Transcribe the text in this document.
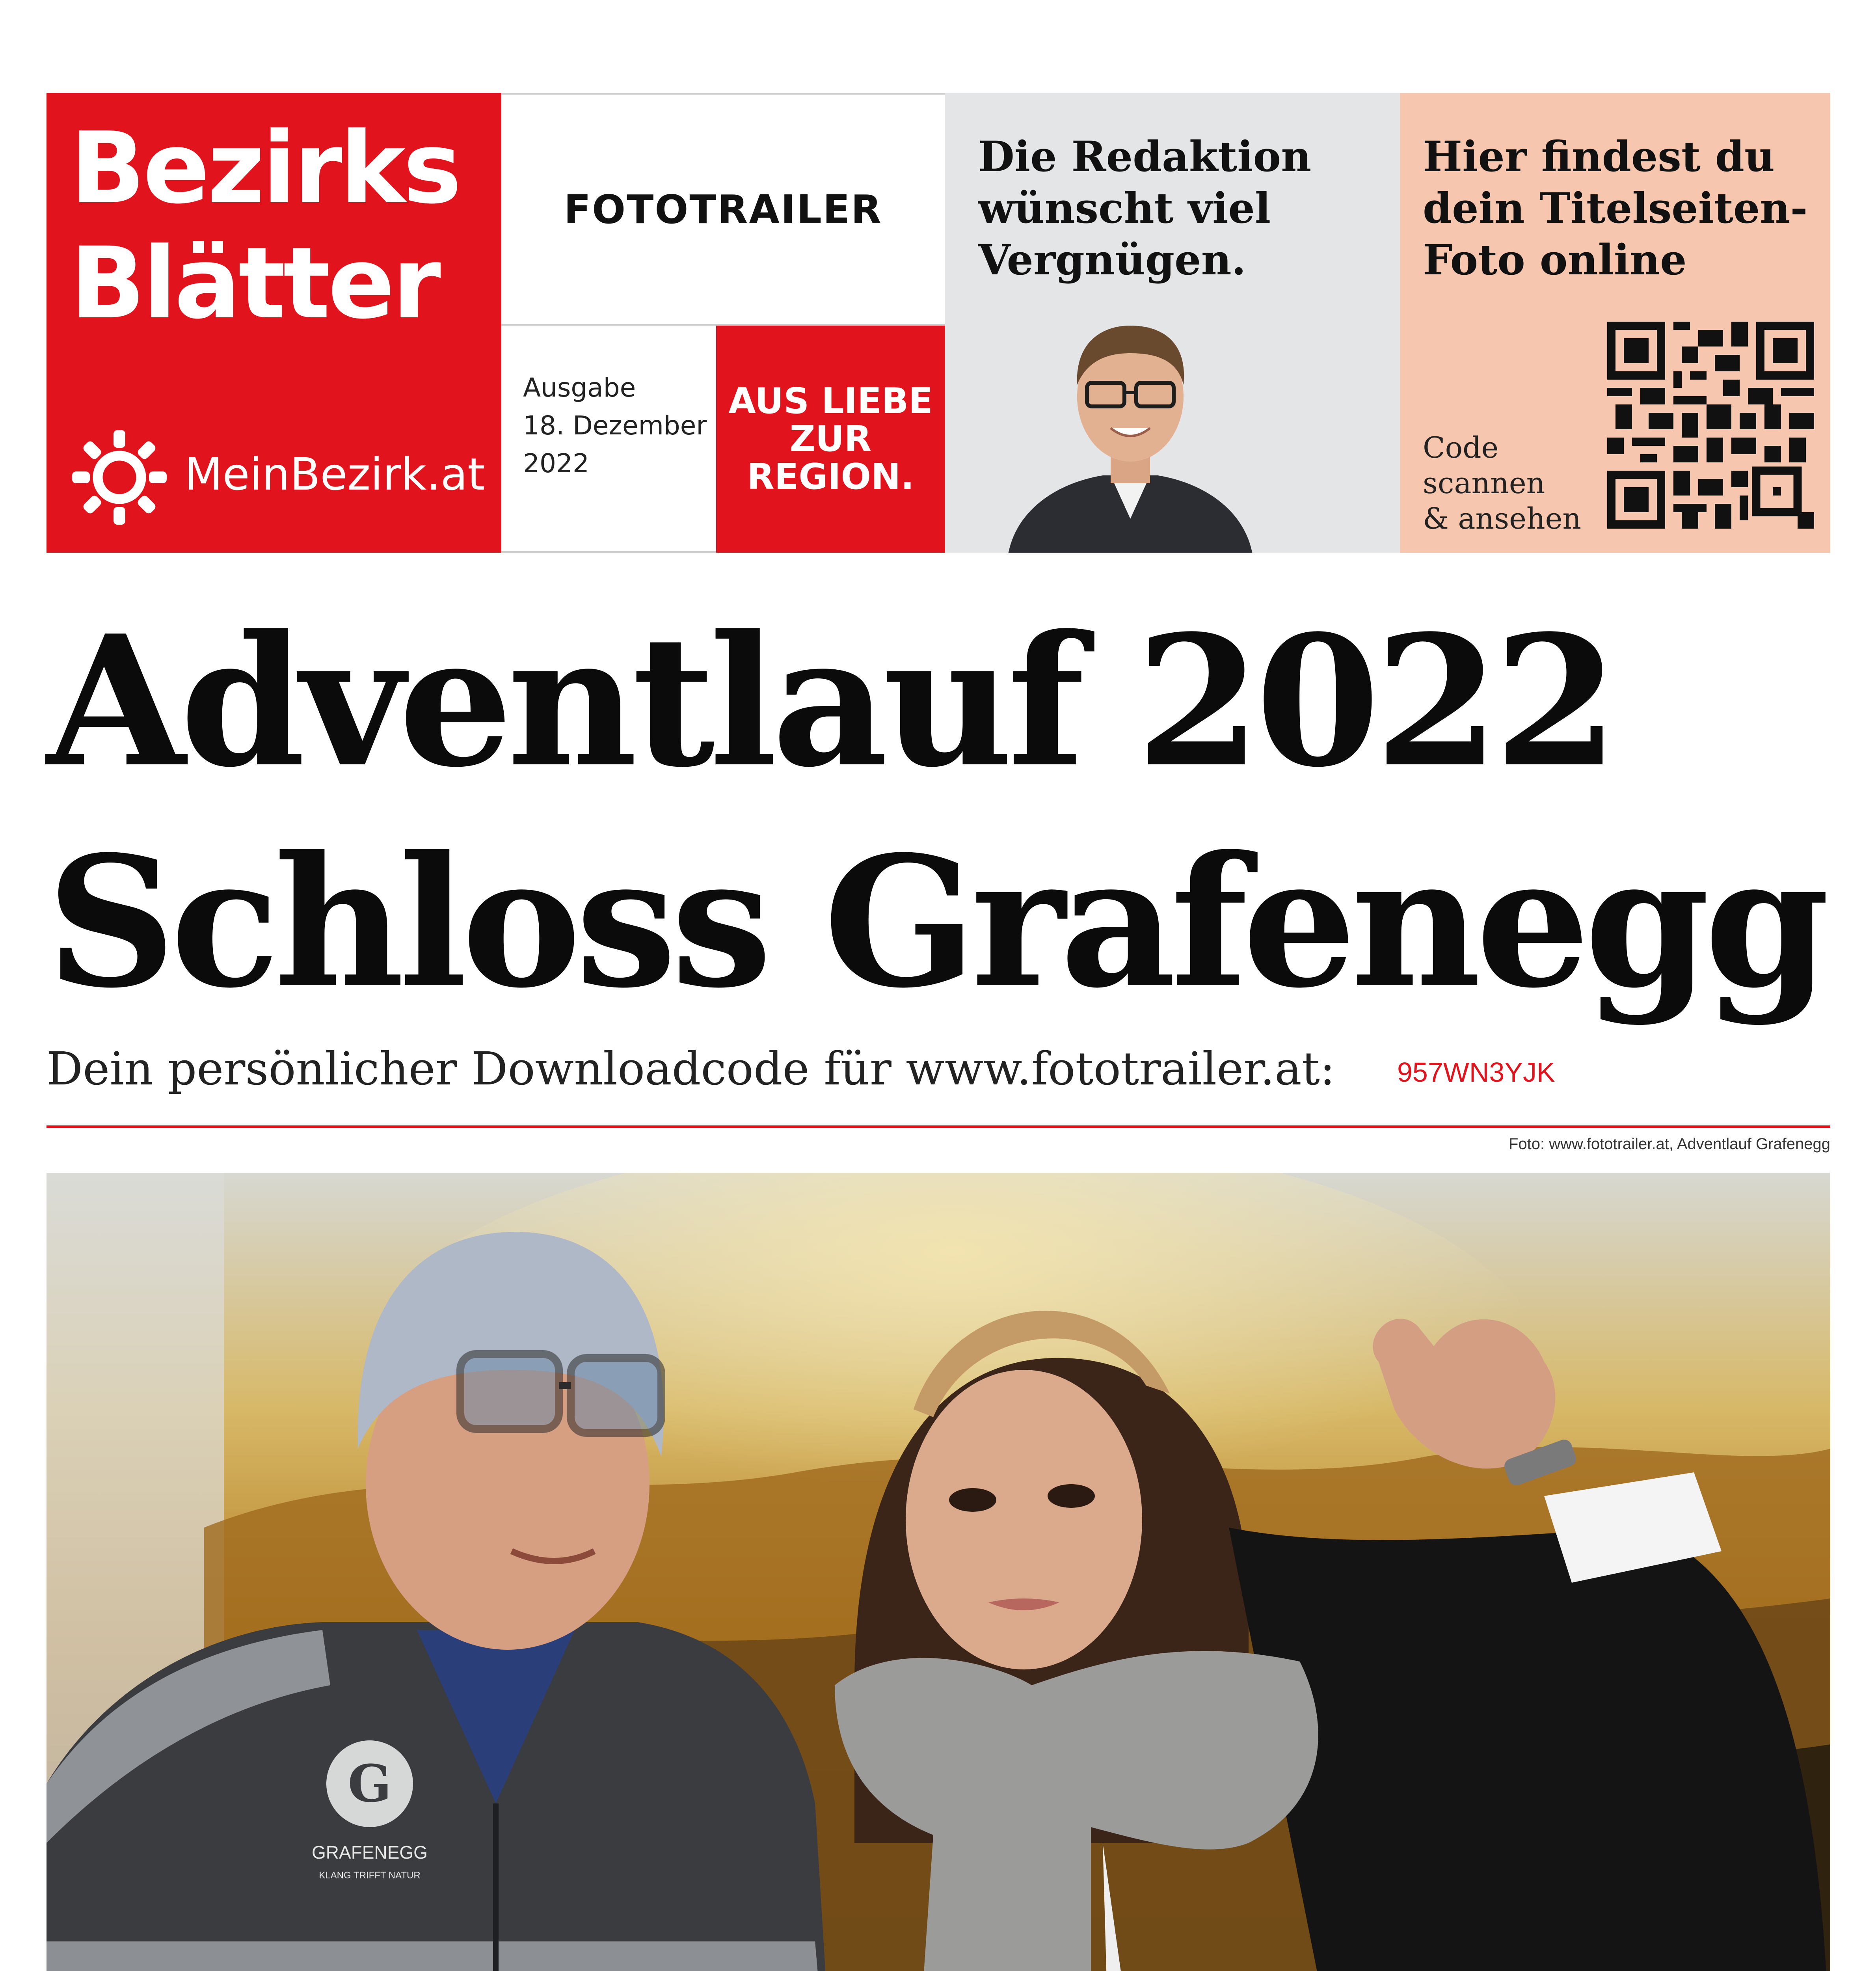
Bezirks
Blätter
MeinBezirk.at
FOTOTRAILER
Ausgabe
18. Dezember
2022
AUS LIEBE
ZUR
REGION.
Die Redaktion
wünscht viel
Vergnügen.
Hier findest du
dein Titelseiten-
Foto online
Code
scannen
& ansehen
Adventlauf 2022
Schloss Grafenegg
Dein persönlicher Downloadcode für www.fototrailer.at: 957WN3YJK
Foto: www.fototrailer.at, Adventlauf Grafenegg
G
GRAFENEGG
KLANG TRIFFT NATUR
